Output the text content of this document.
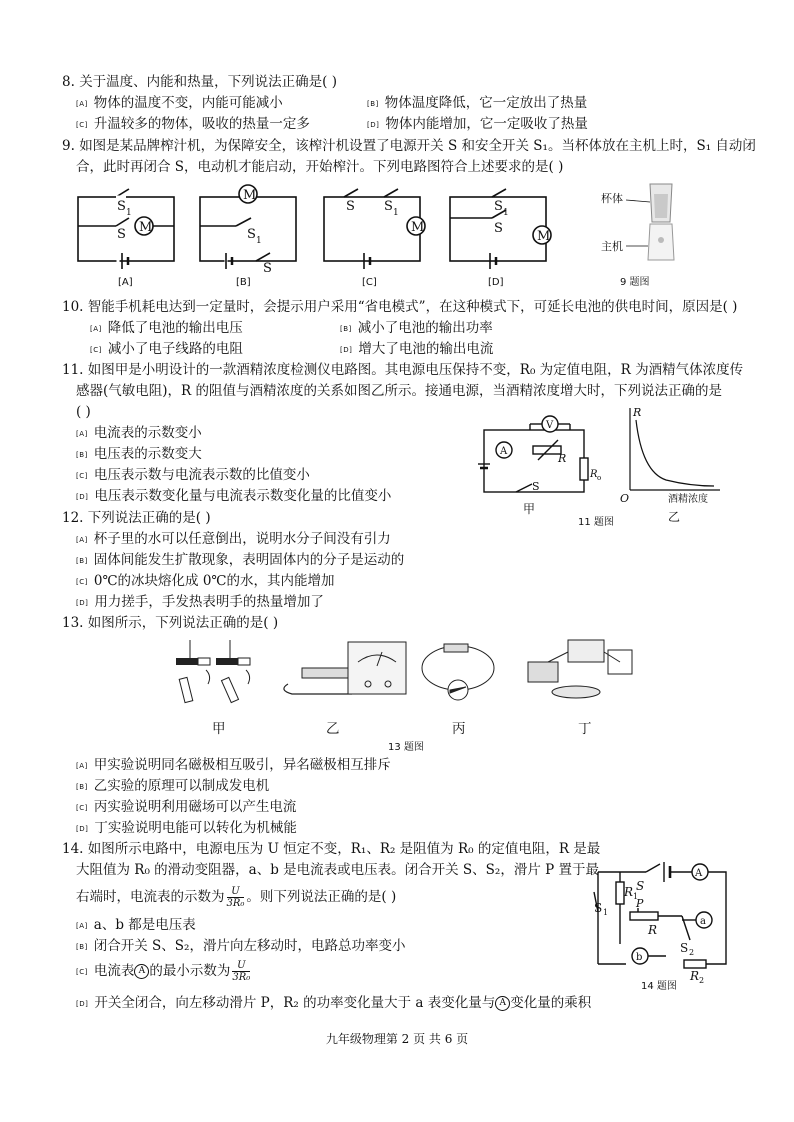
8. 关于温度、内能和热量，下列说法正确是( )
[A] 物体的温度不变，内能可能减小	[B] 物体温度降低，它一定放出了热量
[C] 升温较多的物体，吸收的热量一定多	[D] 物体内能增加，它一定吸收了热量
9. 如图是某品牌榨汁机，为保障安全，该榨汁机设置了电源开关 S 和安全开关 S₁。当杯体放在主机上时，S₁ 自动闭
合，此时再闭合 S，电动机才能启动，开始榨汁。下列电路图符合上述要求的是( )
S 1
S M
M
S 1
S
S S 1
M
S 1
S
M
[A]	[B]	[C]	[D]
杯体
主机
9 题图
10. 智能手机耗电达到一定量时，会提示用户采用“省电模式”，在这种模式下，可延长电池的供电时间，原因是( )
[A] 降低了电池的输出电压	[B] 减小了电池的输出功率
[C] 减小了电子线路的电阻	[D] 增大了电池的输出电流
11. 如图甲是小明设计的一款酒精浓度检测仪电路图。其电源电压保持不变，R₀ 为定值电阻，R 为酒精气体浓度传
感器(气敏电阻)，R 的阻值与酒精浓度的关系如图乙所示。接通电源，当酒精浓度增大时，下列说法正确的是
( )
[A] 电流表的示数变小
[B] 电压表的示数变大
[C] 电压表示数与电流表示数的比值变小
[D] 电压表示数变化量与电流表示数变化量的比值变小
A
V
R
R o
S
R
O	酒精浓度
甲
11 题图	乙
12. 下列说法正确的是( )
[A] 杯子里的水可以任意倒出，说明水分子间没有引力
[B] 固体间能发生扩散现象，表明固体内的分子是运动的
[C] 0℃的冰块熔化成 0℃的水，其内能增加
[D] 用力搓手，手发热表明手的热量增加了
13. 如图所示，下列说法正确的是( )
甲	乙	丙	丁
13 题图
[A] 甲实验说明同名磁极相互吸引，异名磁极相互排斥
[B] 乙实验的原理可以制成发电机
[C] 丙实验说明利用磁场可以产生电流
[D] 丁实验说明电能可以转化为机械能
14. 如图所示电路中，电源电压为 U 恒定不变，R₁、R₂ 是阻值为 R₀ 的定值电阻，R 是最
大阻值为 R₀ 的滑动变阻器，a、b 是电流表或电压表。闭合开关 S、S₂，滑片 P 置于最
右端时，电流表的示数为 $\frac{U}{\text{3R₀}}$ 。则下列说法正确的是( )
[A] a、b 都是电压表
[B] 闭合开关 S、S₂，滑片向左移动时，电路总功率变小
[C] 电流表 A 的最小示数为 $\frac{U}{\text{3R₀}}$
[D] 开关全闭合，向左移动滑片 P，R₂ 的功率变化量大于 a 表变化量与 A 变化量的乘积
A
S
S 1
R 1
P
R
a
b
S 2
R 2
14 题图
九年级物理第 2 页 共 6 页
